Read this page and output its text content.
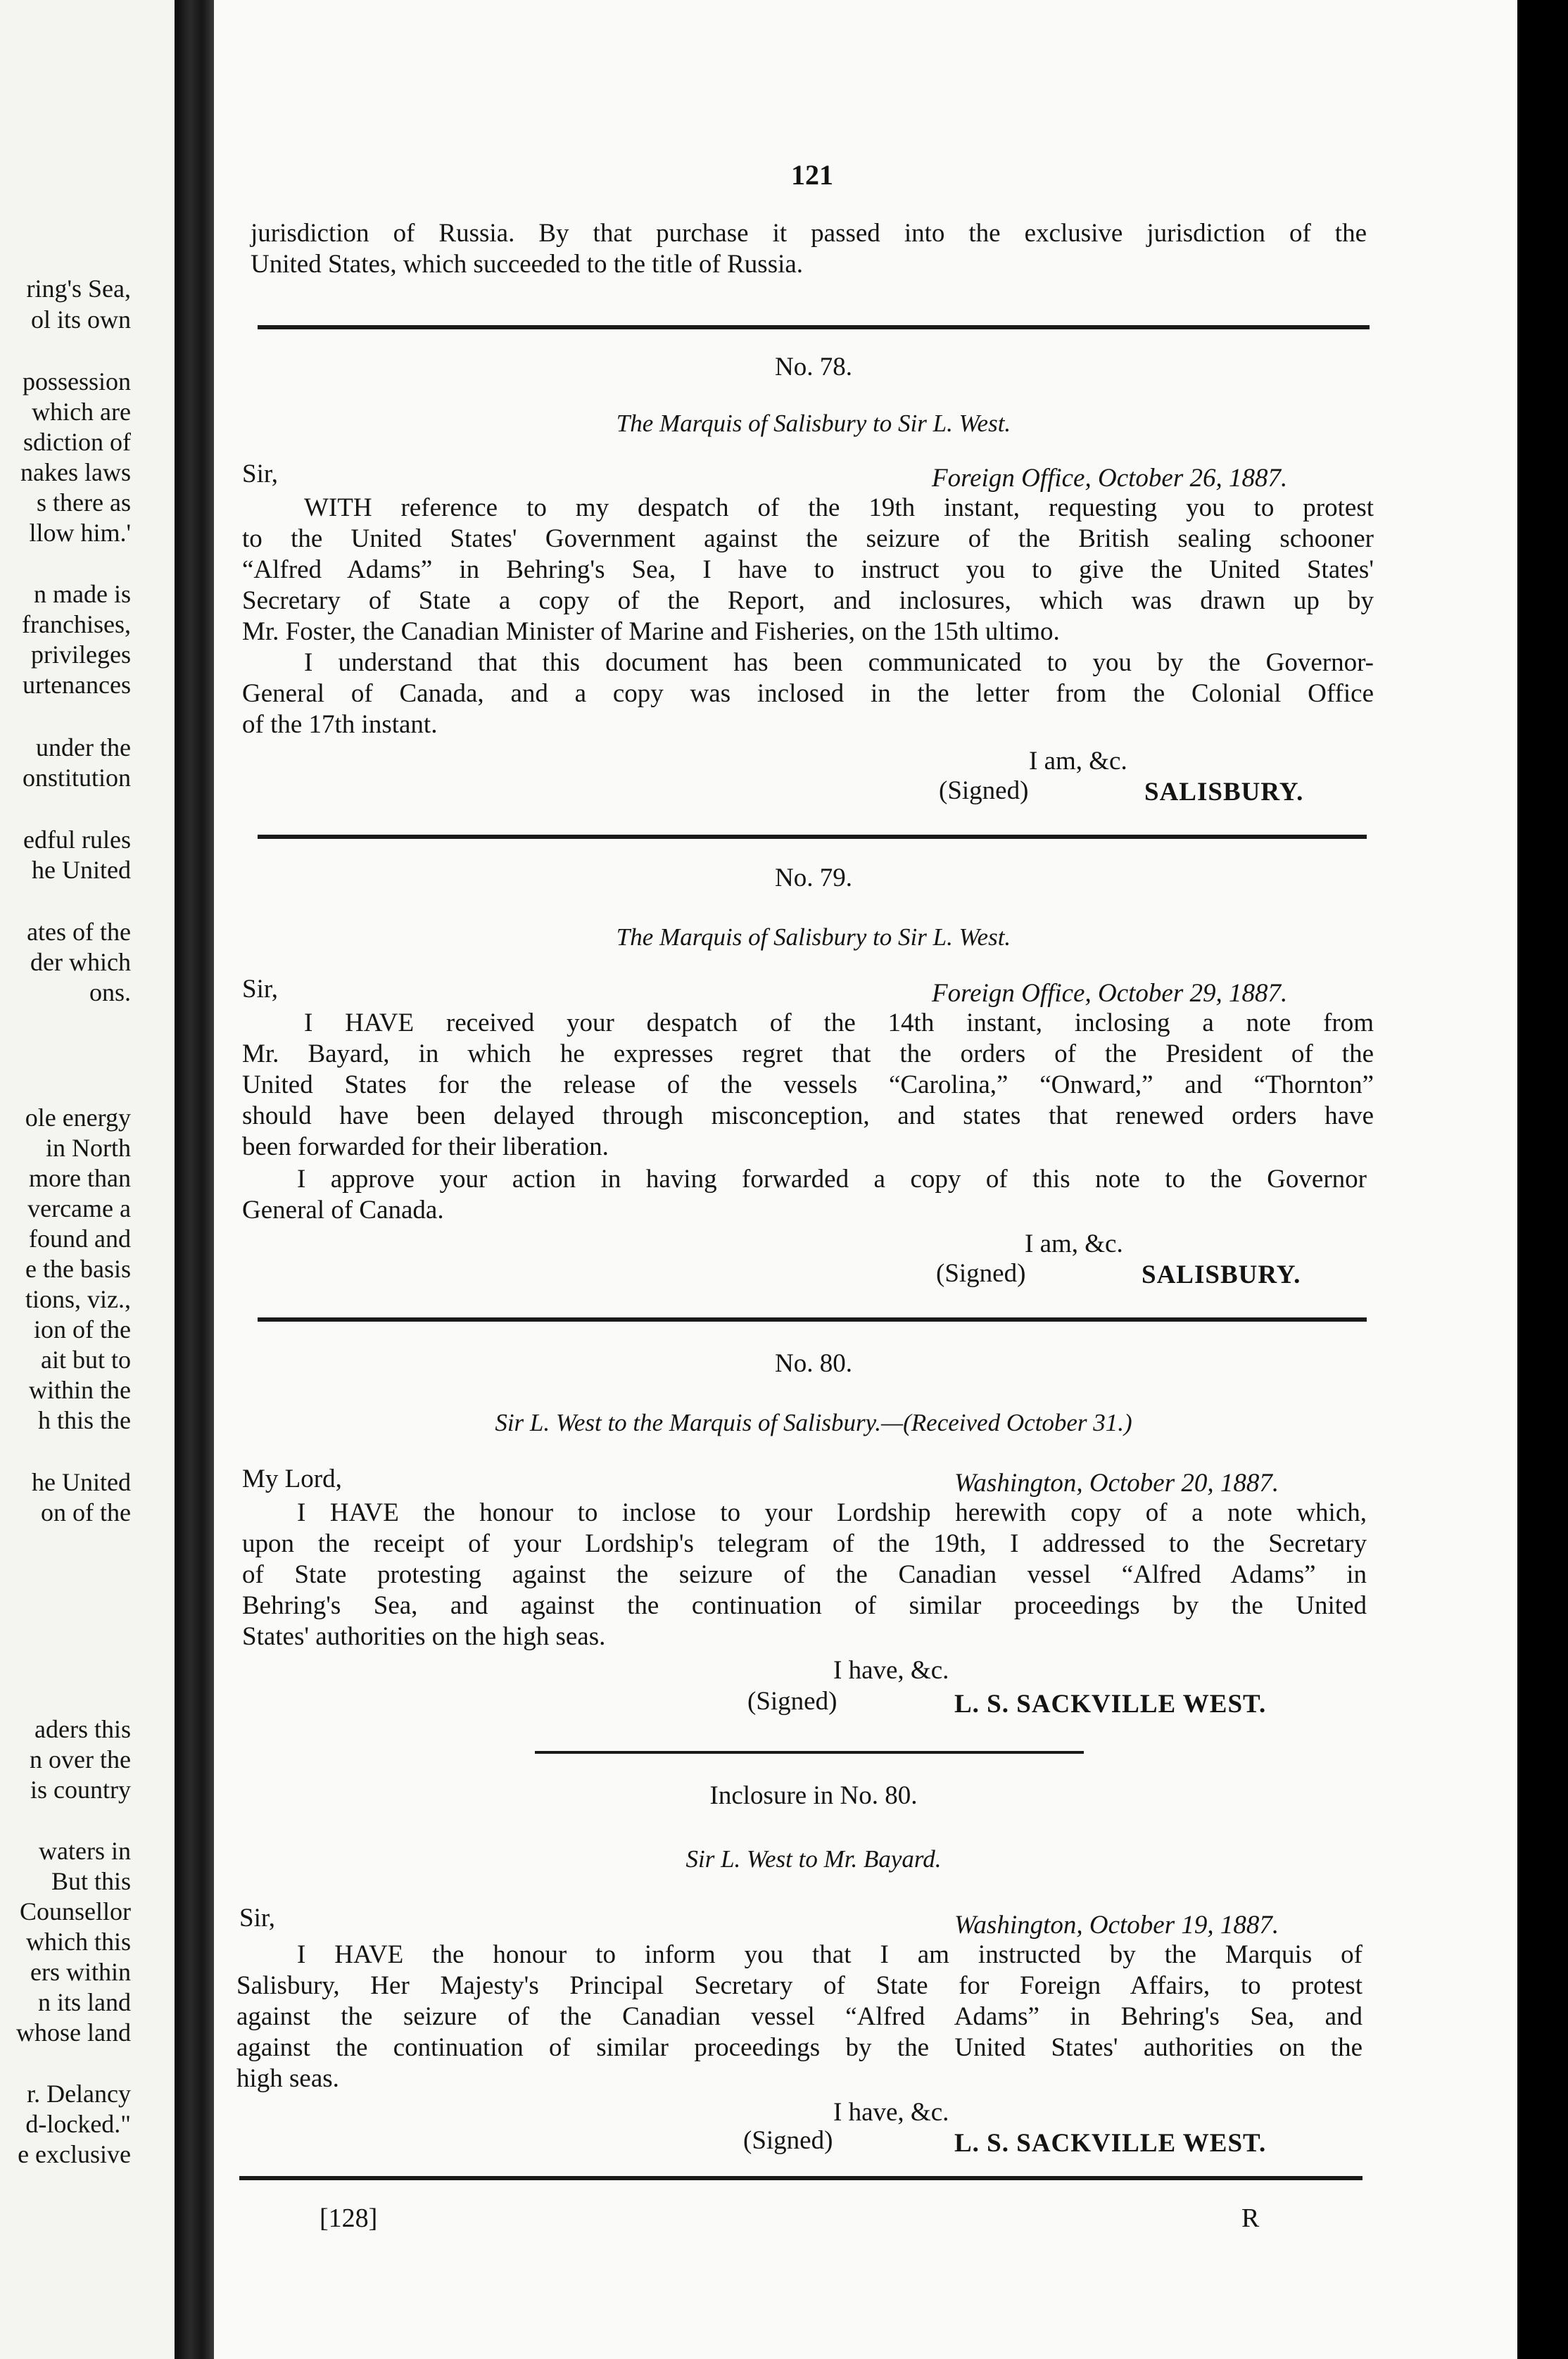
ring's Sea,
ol its own
possession
which are
sdiction of
nakes laws
s there as
llow him.'
n made is
franchises,
privileges
urtenances
under the
onstitution
edful rules
he United
ates of the
der which
ons.
ole energy
in North
more than
vercame a
found and
e the basis
tions, viz.,
ion of the
ait but to
within the
h this the
he United
on of the
aders this
n over the
is country
waters in
But this
Counsellor
which this
ers within
n its land
whose land
r. Delancy
d-locked."
e exclusive
121
jurisdiction of Russia. By that purchase it passed into the exclusive jurisdiction of the
United States, which succeeded to the title of Russia.
No. 78.
The Marquis of Salisbury to Sir L. West.
Sir,	Foreign Office, October 26, 1887.
WITH reference to my despatch of the 19th instant, requesting you to protest
to the United States' Government against the seizure of the British sealing schooner
“Alfred Adams” in Behring's Sea, I have to instruct you to give the United States'
Secretary of State a copy of the Report, and inclosures, which was drawn up by
Mr. Foster, the Canadian Minister of Marine and Fisheries, on the 15th ultimo.
I understand that this document has been communicated to you by the Governor-
General of Canada, and a copy was inclosed in the letter from the Colonial Office
of the 17th instant.
I am, &c.
(Signed)	SALISBURY.
No. 79.
The Marquis of Salisbury to Sir L. West.
Sir,	Foreign Office, October 29, 1887.
I HAVE received your despatch of the 14th instant, inclosing a note from
Mr. Bayard, in which he expresses regret that the orders of the President of the
United States for the release of the vessels “Carolina,” “Onward,” and “Thornton”
should have been delayed through misconception, and states that renewed orders have
been forwarded for their liberation.
I approve your action in having forwarded a copy of this note to the Governor
General of Canada.
I am, &c.
(Signed)	SALISBURY.
No. 80.
Sir L. West to the Marquis of Salisbury.—(Received October 31.)
My Lord,	Washington, October 20, 1887.
I HAVE the honour to inclose to your Lordship herewith copy of a note which,
upon the receipt of your Lordship's telegram of the 19th, I addressed to the Secretary
of State protesting against the seizure of the Canadian vessel “Alfred Adams” in
Behring's Sea, and against the continuation of similar proceedings by the United
States' authorities on the high seas.
I have, &c.
(Signed)	L. S. SACKVILLE WEST.
Inclosure in No. 80.
Sir L. West to Mr. Bayard.
Sir,	Washington, October 19, 1887.
I HAVE the honour to inform you that I am instructed by the Marquis of
Salisbury, Her Majesty's Principal Secretary of State for Foreign Affairs, to protest
against the seizure of the Canadian vessel “Alfred Adams” in Behring's Sea, and
against the continuation of similar proceedings by the United States' authorities on the
high seas.
I have, &c.
(Signed)	L. S. SACKVILLE WEST.
[128]	R
